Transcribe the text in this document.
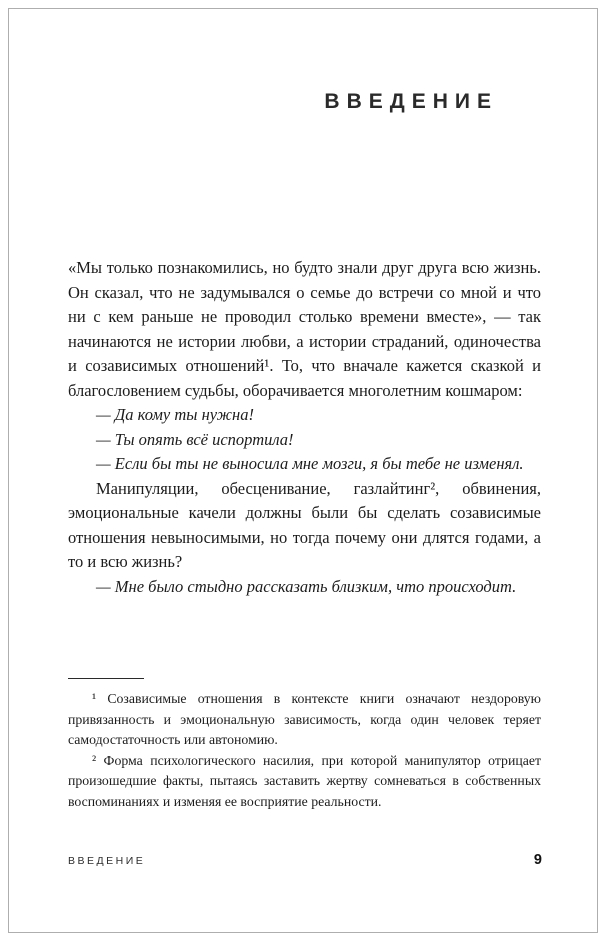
ВВЕДЕНИЕ

«Мы только познакомились, но будто знали друг друга всю жизнь. Он сказал, что не задумывался о семье до встречи со мной и что ни с кем раньше не проводил столько времени вместе», — так начинаются не истории любви, а истории страданий, одиночества и созависимых отношений¹. То, что вначале кажется сказкой и благословением судьбы, оборачивается многолетним кошмаром:

— Да кому ты нужна!

— Ты опять всё испортила!

— Если бы ты не выносила мне мозги, я бы тебе не изменял.

Манипуляции, обесценивание, газлайтинг², обвинения, эмоциональные качели должны были бы сделать созависимые отношения невыносимыми, но тогда почему они длятся годами, а то и всю жизнь?

— Мне было стыдно рассказать близким, что происходит.

¹ Созависимые отношения в контексте книги означают нездоровую привязанность и эмоциональную зависимость, когда один человек теряет самодостаточность или автономию.

² Форма психологического насилия, при которой манипулятор отрицает произошедшие факты, пытаясь заставить жертву сомневаться в собственных воспоминаниях и изменяя ее восприятие реальности.

ВВЕДЕНИЕ	9
